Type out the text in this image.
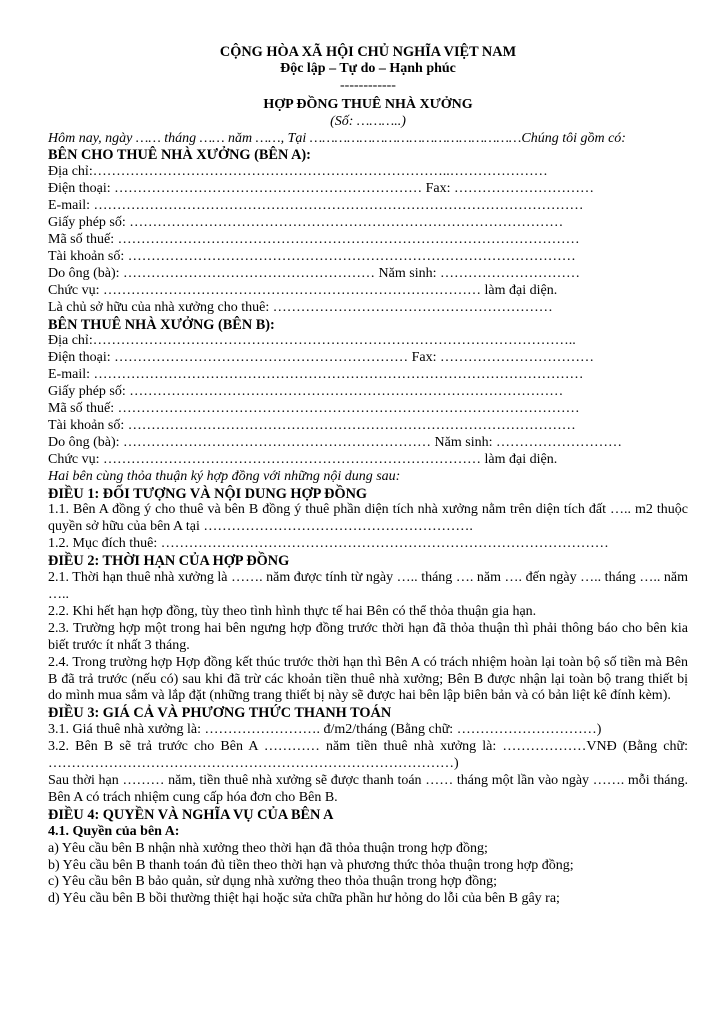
CỘNG HÒA XÃ HỘI CHỦ NGHĨA VIỆT NAM
Độc lập – Tự do – Hạnh phúc
------------
HỢP ĐỒNG THUÊ NHÀ XƯỞNG
(Số: ………..)
Hôm nay, ngày …… tháng …… năm ……, Tại ……………………………………………Chúng tôi gồm có:
BÊN CHO THUÊ NHÀ XƯỞNG (BÊN A):
Địa chỉ:…………………………………………………………………..…………………
Điện thoại: ………………………………………………………… Fax: …………………………
E-mail: ……………………………………………………………………………………………
Giấy phép số: …………………………………………………………………………………
Mã số thuế: ………………………………………………………………………………………
Tài khoản số: ……………………………………………………………………………………
Do ông (bà): ……………………………………………… Năm sinh: …………………………
Chức vụ: ……………………………………………………………………… làm đại diện.
Là chủ sở hữu của nhà xưởng cho thuê: ……………………………………………………
BÊN THUÊ NHÀ XƯỞNG (BÊN B):
Địa chỉ:…………………………………………………………………………………………..
Điện thoại: ……………………………………………………… Fax: ……………………………
E-mail: ……………………………………………………………………………………………
Giấy phép số: …………………………………………………………………………………
Mã số thuế: ………………………………………………………………………………………
Tài khoản số: ……………………………………………………………………………………
Do ông (bà): ………………………………………………………… Năm sinh: ………………………
Chức vụ: ……………………………………………………………………… làm đại diện.
Hai bên cùng thỏa thuận ký hợp đồng với những nội dung sau:
ĐIỀU 1: ĐỐI TƯỢNG VÀ NỘI DUNG HỢP ĐỒNG
1.1. Bên A đồng ý cho thuê và bên B đồng ý thuê phần diện tích nhà xưởng nằm trên diện tích đất ….. m2 thuộc quyền sở hữu của bên A tại ………………………………………………….
1.2. Mục đích thuê: ……………………………………………………………………………………
ĐIỀU 2: THỜI HẠN CỦA HỢP ĐỒNG
2.1. Thời hạn thuê nhà xưởng là ……. năm được tính từ ngày ….. tháng …. năm …. đến ngày ….. tháng ….. năm …..
2.2. Khi hết hạn hợp đồng, tùy theo tình hình thực tế hai Bên có thể thỏa thuận gia hạn.
2.3. Trường hợp một trong hai bên ngưng hợp đồng trước thời hạn đã thỏa thuận thì phải thông báo cho bên kia biết trước ít nhất 3 tháng.
2.4. Trong trường hợp Hợp đồng kết thúc trước thời hạn thì Bên A có trách nhiệm hoàn lại toàn bộ số tiền mà Bên B đã trả trước (nếu có) sau khi đã trừ các khoản tiền thuê nhà xưởng; Bên B được nhận lại toàn bộ trang thiết bị do mình mua sắm và lắp đặt (những trang thiết bị này sẽ được hai bên lập biên bản và có bản liệt kê đính kèm).
ĐIỀU 3: GIÁ CẢ VÀ PHƯƠNG THỨC THANH TOÁN
3.1. Giá thuê nhà xưởng là: ……………………. đ/m2/tháng (Bằng chữ: …………………………)
3.2. Bên B sẽ trả trước cho Bên A ………… năm tiền thuê nhà xưởng là: ………………VNĐ (Bằng chữ: ……………………………………………………………………………)
Sau thời hạn ……… năm, tiền thuê nhà xưởng sẽ được thanh toán …… tháng một lần vào ngày ……. mỗi tháng. Bên A có trách nhiệm cung cấp hóa đơn cho Bên B.
ĐIỀU 4: QUYỀN VÀ NGHĨA VỤ CỦA BÊN A
4.1. Quyền của bên A:
a) Yêu cầu bên B nhận nhà xưởng theo thời hạn đã thỏa thuận trong hợp đồng;
b) Yêu cầu bên B thanh toán đủ tiền theo thời hạn và phương thức thỏa thuận trong hợp đồng;
c) Yêu cầu bên B bảo quản, sử dụng nhà xưởng theo thỏa thuận trong hợp đồng;
d) Yêu cầu bên B bồi thường thiệt hại hoặc sửa chữa phần hư hỏng do lỗi của bên B gây ra;
